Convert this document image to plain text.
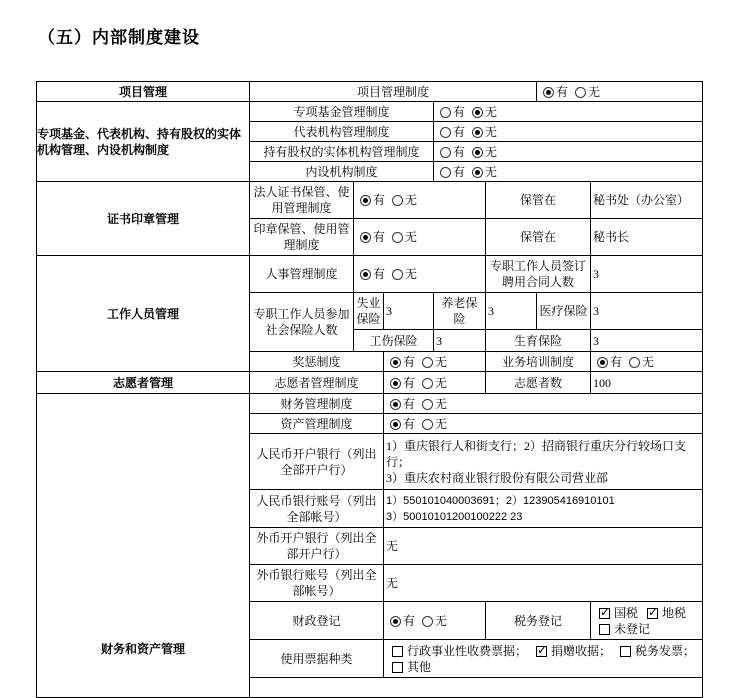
（五）内部制度建设
项目管理	项目管理制度					有 无	
专项基金、代表机构、持有股权的实体机构管理、内设机构制度	专项基金管理制度			有 无			
	代表机构管理制度			有 无			
	持有股权的实体机构管理制度			有 无			
	内设机构制度			有 无			
证书印章管理	法人证书保管、使用管理制度	有 无			保管在		秘书处（办公室）
	印章保管、使用管理制度	有 无			保管在		秘书长
工作人员管理	人事管理制度	有 无			专职工作人员签订聘用合同人数		3
	专职工作人员参加社会保险人数	失业保险	3	养老保险	3	医疗保险	3
		工伤保险		3	生育保险		3
	奖惩制度		有 无		业务培训制度		有 无
志愿者管理	志愿者管理制度		有 无		志愿者数		100
财务和资产管理	财务管理制度		有 无				
	资产管理制度		有 无				
	人民币开户银行（列出全部开户行）		1）重庆银行人和街支行；2）招商银行重庆分行较场口支行；
3）重庆农村商业银行股份有限公司营业部				

	人民币银行账号（列出全部帐号）		1）550101040003691；2）123905416910101
3）50010101200100222 23				

	外币开户银行（列出全部开户行）		无				
	外币银行账号（列出全部帐号）		无				
	财政登记		有 无		税务登记	
✓国税 ✓ 地税
未登记

	使用票据种类		行政事业性收费票据； ✓ 捐赠收据； 税务发票；
其他
